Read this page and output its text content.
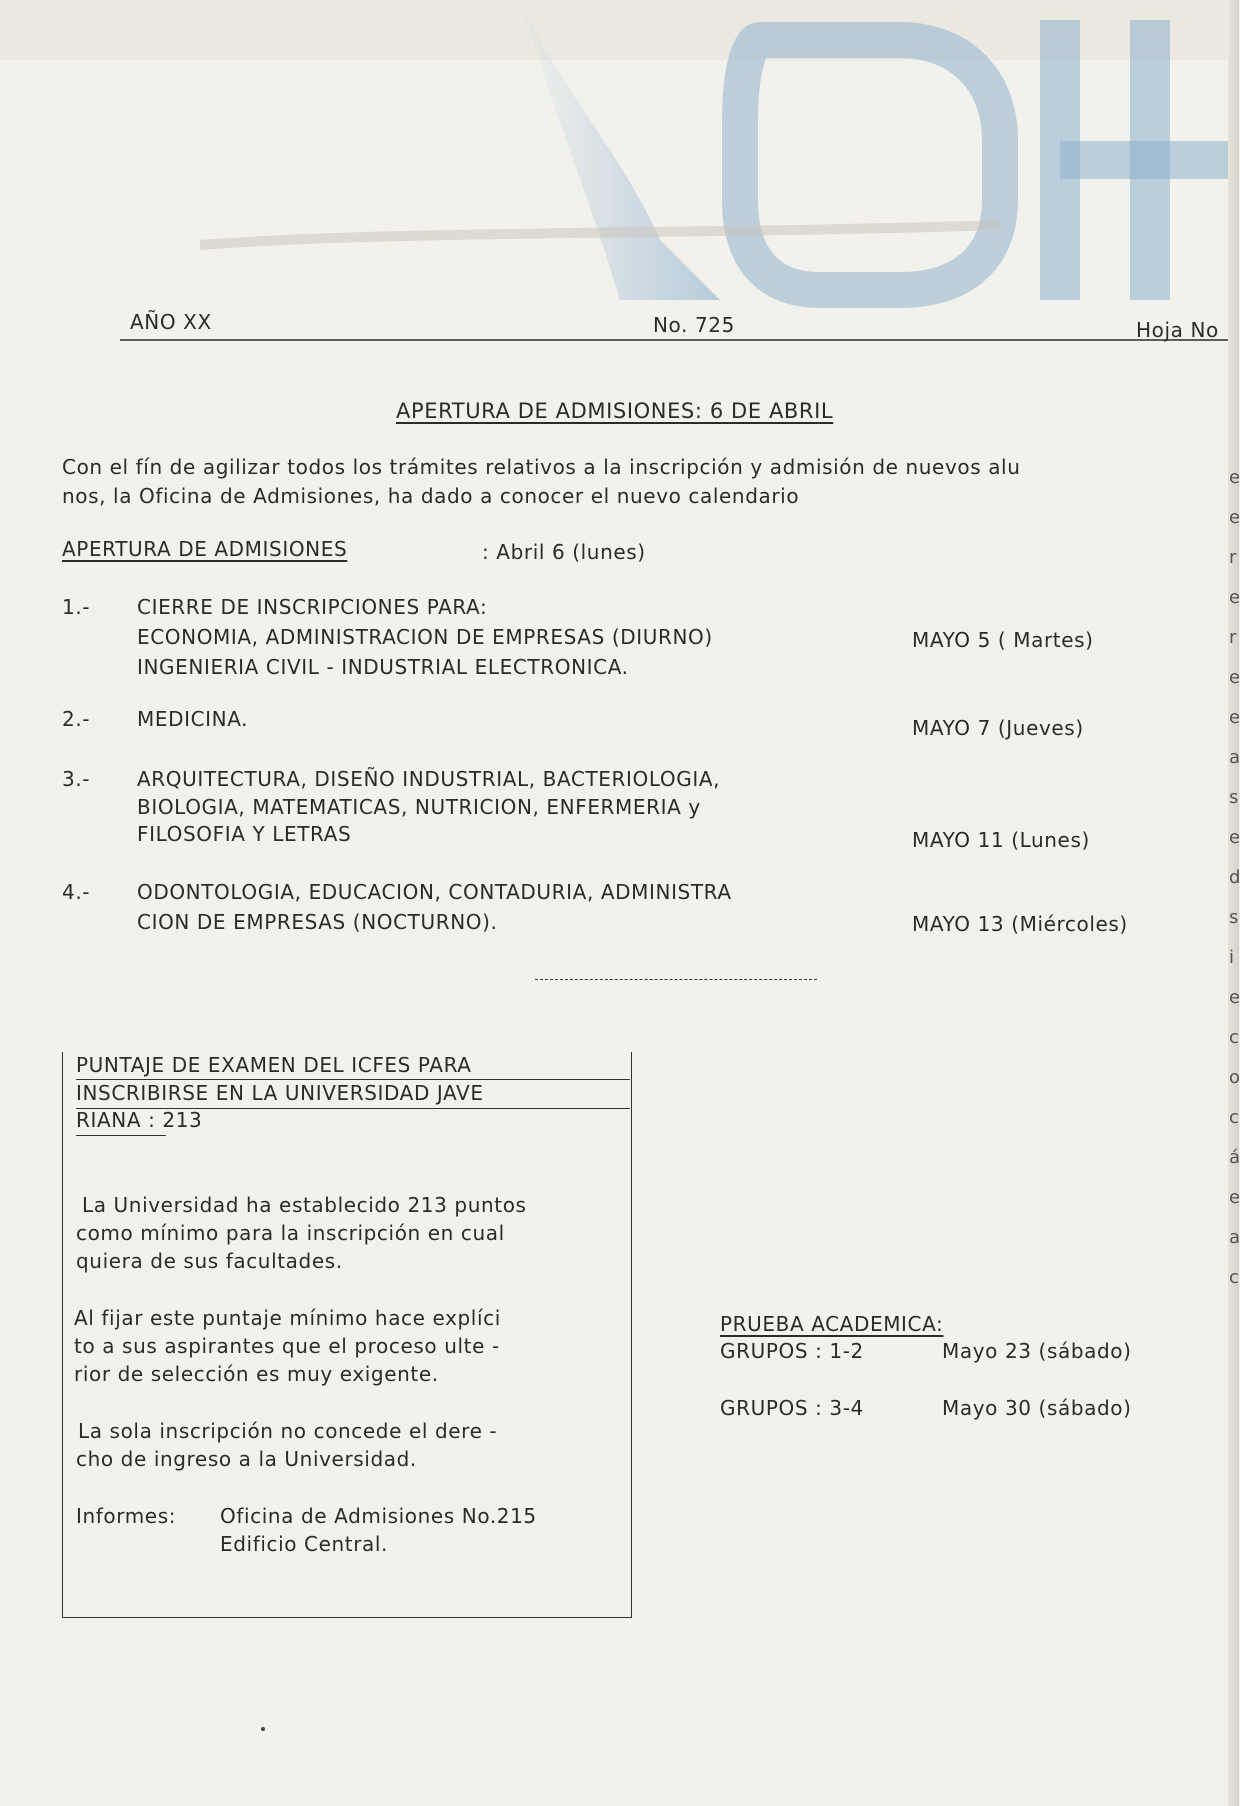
HOY
AÑO XX	No. 725	Hoja No
APERTURA DE ADMISIONES: 6 DE ABRIL
Con el fín de agilizar todos los trámites relativos a la inscripción y admisión de nuevos alu
nos, la Oficina de Admisiones, ha dado a conocer el nuevo calendario
APERTURA DE ADMISIONES	: Abril 6 (lunes)
1.- CIERRE DE INSCRIPCIONES PARA:
ECONOMIA, ADMINISTRACION DE EMPRESAS (DIURNO)
INGENIERIA CIVIL - INDUSTRIAL ELECTRONICA.
MAYO 5 ( Martes)
2.- MEDICINA.	MAYO 7 (Jueves)
3.- ARQUITECTURA, DISEÑO INDUSTRIAL, BACTERIOLOGIA,
BIOLOGIA, MATEMATICAS, NUTRICION, ENFERMERIA y
FILOSOFIA Y LETRAS	MAYO 11 (Lunes)
4.- ODONTOLOGIA, EDUCACION, CONTADURIA, ADMINISTRA
CION DE EMPRESAS (NOCTURNO).	MAYO 13 (Miércoles)
PUNTAJE DE EXAMEN DEL ICFES PARA
INSCRIBIRSE EN LA UNIVERSIDAD JAVE
RIANA : 213
La Universidad ha establecido 213 puntos
como mínimo para la inscripción en cual
quiera de sus facultades.
Al fijar este puntaje mínimo hace explíci
to a sus aspirantes que el proceso ulte -
rior de selección es muy exigente.
La sola inscripción no concede el dere -
cho de ingreso a la Universidad.
Informes: Oficina de Admisiones No.215
Edificio Central.
PRUEBA ACADEMICA:
GRUPOS : 1-2	Mayo 23 (sábado)
GRUPOS : 3-4	Mayo 30 (sábado)
e
e
r
e
r
e
e
a
s
e
d
s
i
e
c
o
c
á
e
a
c
